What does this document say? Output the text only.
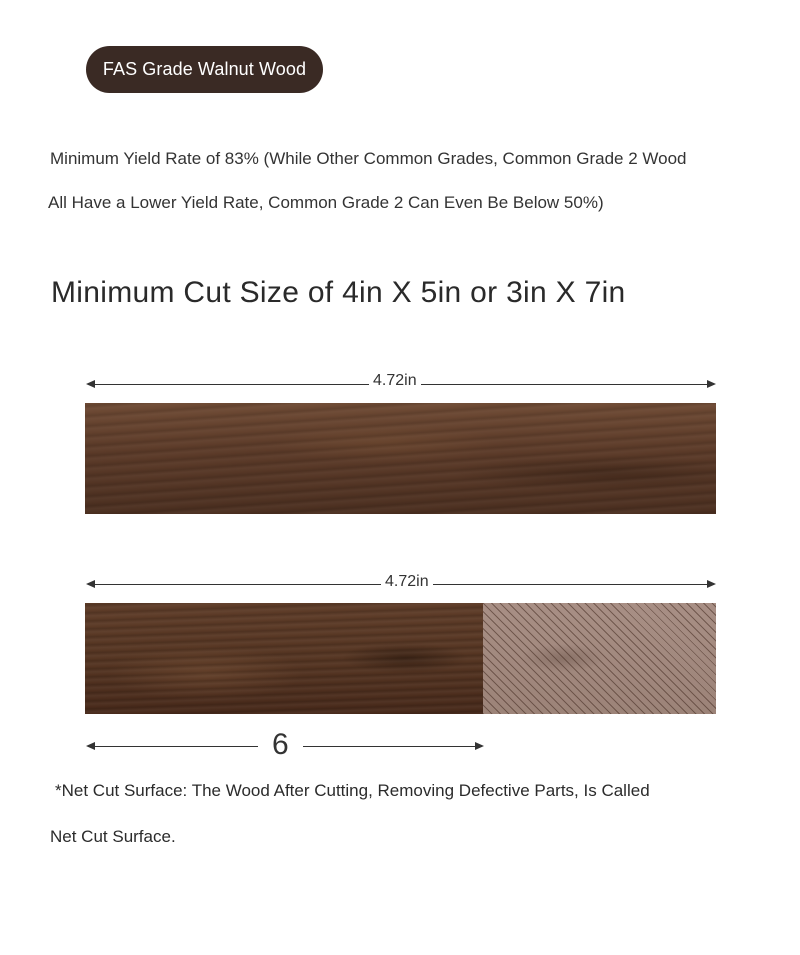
FAS Grade Walnut Wood
Minimum Yield Rate of 83% (While Other Common Grades, Common Grade 2 Wood
All Have a Lower Yield Rate, Common Grade 2 Can Even Be Below 50%)
Minimum Cut Size of 4in X 5in or 3in X 7in
4.72in
4.72in
6
*Net Cut Surface: The Wood After Cutting, Removing Defective Parts, Is Called
Net Cut Surface.
